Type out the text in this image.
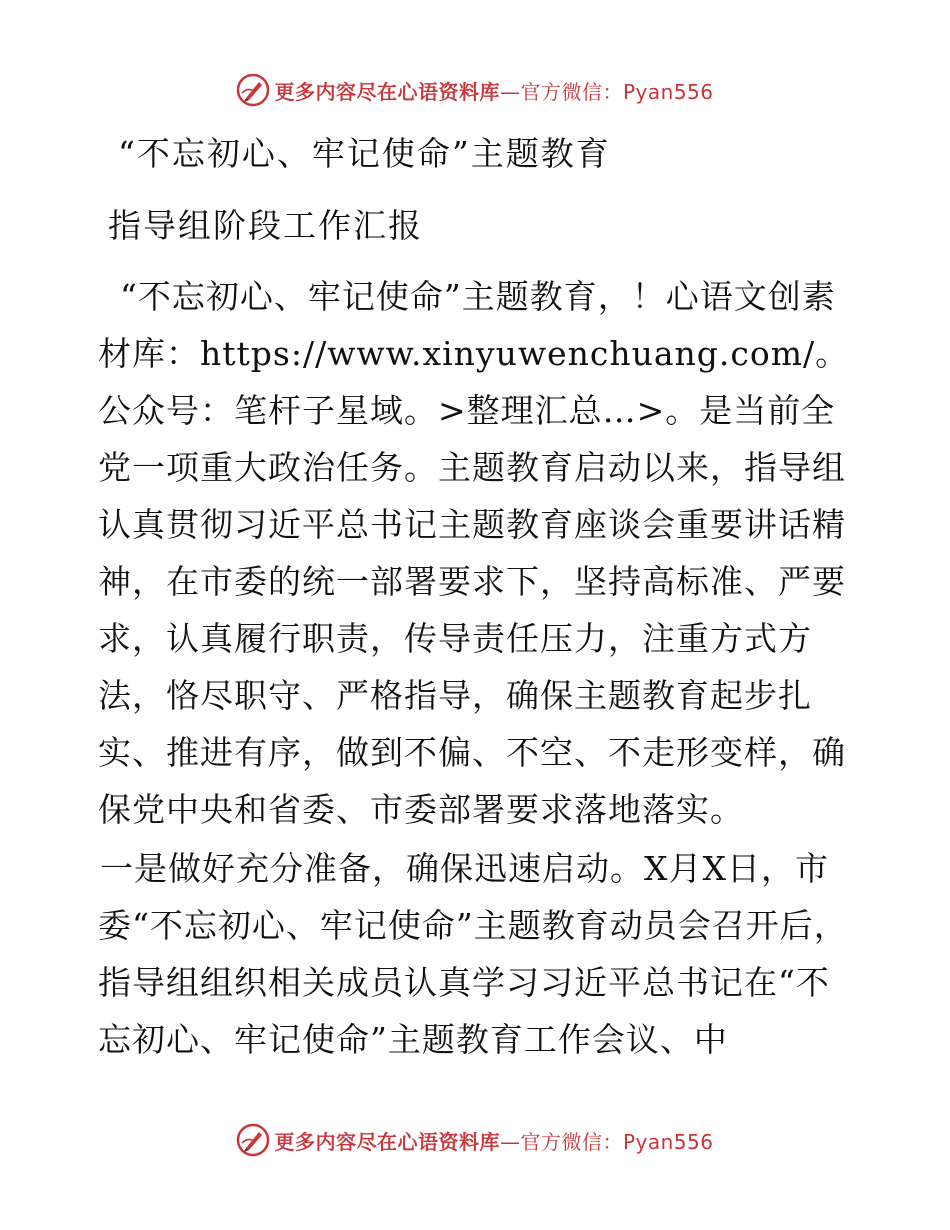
更多内容尽在心语资料库—官方微信：Pyan556
“不忘初心、牢记使命”主题教育
指导组阶段工作汇报

“不忘初心、牢记使命”主题教育，！心语文创素材库：https://www.xinyuwenchuang.com/。公众号：笔杆子星域。>整理汇总…>。是当前全党一项重大政治任务。主题教育启动以来，指导组认真贯彻习近平总书记主题教育座谈会重要讲话精神，在市委的统一部署要求下，坚持高标准、严要求，认真履行职责，传导责任压力，注重方式方法，恪尽职守、严格指导，确保主题教育起步扎实、推进有序，做到不偏、不空、不走形变样，确保党中央和省委、市委部署要求落地落实。

一是做好充分准备，确保迅速启动。X月X日，市委“不忘初心、牢记使命”主题教育动员会召开后，指导组组织相关成员认真学习习近平总书记在“不忘初心、牢记使命”主题教育工作会议、中

更多内容尽在心语资料库—官方微信：Pyan556
